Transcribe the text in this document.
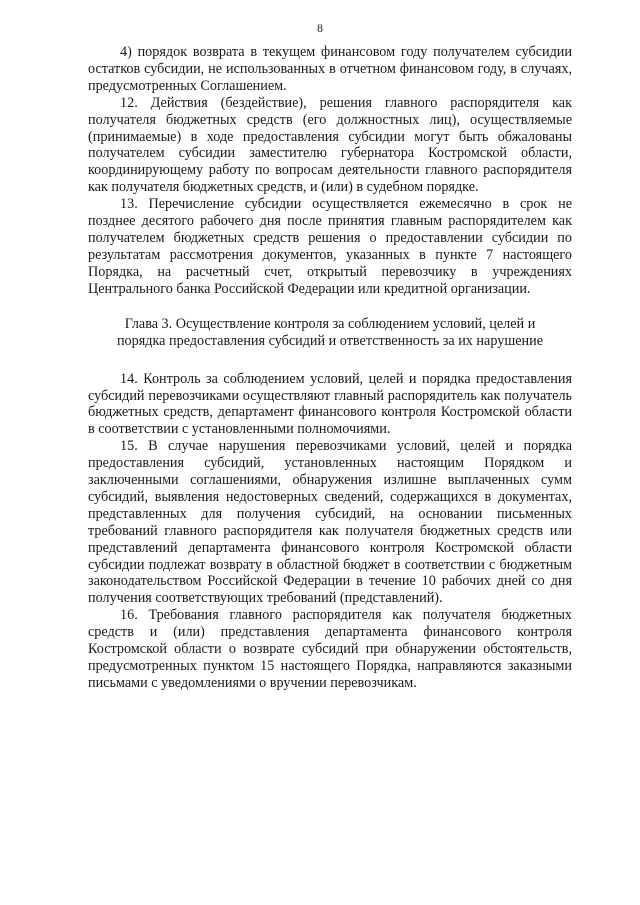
8

4) порядок возврата в текущем финансовом году получателем субсидии остатков субсидии, не использованных в отчетном финансовом году, в случаях, предусмотренных Соглашением.

12. Действия (бездействие), решения главного распорядителя как получателя бюджетных средств (его должностных лиц), осуществляемые (принимаемые) в ходе предоставления субсидии могут быть обжалованы получателем субсидии заместителю губернатора Костромской области, координирующему работу по вопросам деятельности главного распорядителя как получателя бюджетных средств, и (или) в судебном порядке.

13. Перечисление субсидии осуществляется ежемесячно в срок не позднее десятого рабочего дня после принятия главным распорядителем как получателем бюджетных средств решения о предоставлении субсидии по результатам рассмотрения документов, указанных в пункте 7 настоящего Порядка, на расчетный счет, открытый перевозчику в учреждениях Центрального банка Российской Федерации или кредитной организации.

Глава 3. Осуществление контроля за соблюдением условий, целей и
порядка предоставления субсидий и ответственность за их нарушение

14. Контроль за соблюдением условий, целей и порядка предоставления субсидий перевозчиками осуществляют главный распорядитель как получатель бюджетных средств, департамент финансового контроля Костромской области в соответствии с установленными полномочиями.

15. В случае нарушения перевозчиками условий, целей и порядка предоставления субсидий, установленных настоящим Порядком и заключенными соглашениями, обнаружения излишне выплаченных сумм субсидий, выявления недостоверных сведений, содержащихся в документах, представленных для получения субсидий, на основании письменных требований главного распорядителя как получателя бюджетных средств или представлений департамента финансового контроля Костромской области субсидии подлежат возврату в областной бюджет в соответствии с бюджетным законодательством Российской Федерации в течение 10 рабочих дней со дня получения соответствующих требований (представлений).

16. Требования главного распорядителя как получателя бюджетных средств и (или) представления департамента финансового контроля Костромской области о возврате субсидий при обнаружении обстоятельств, предусмотренных пунктом 15 настоящего Порядка, направляются заказными письмами с уведомлениями о вручении перевозчикам.
